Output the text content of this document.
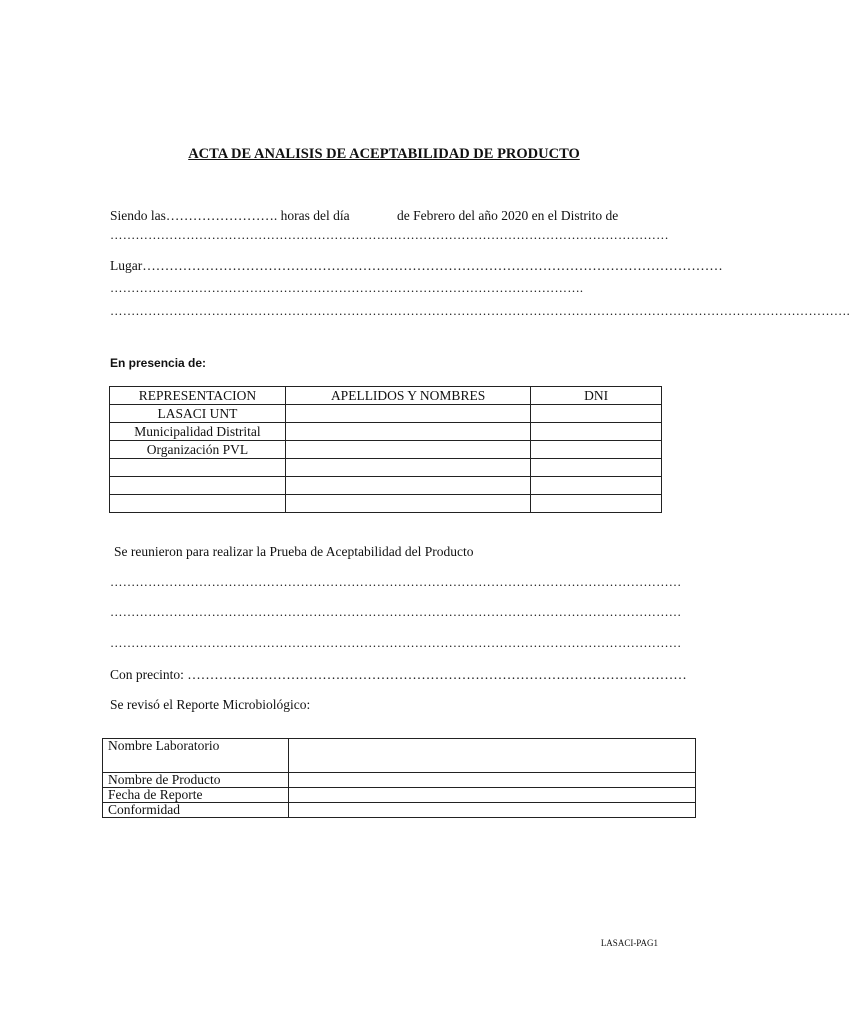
ACTA DE ANALISIS DE ACEPTABILIDAD DE PRODUCTO
Siendo las……………………. horas del día	de Febrero del año 2020 en el Distrito de
……………………………………………………………………………………………………………………
Lugar…………………………………………………………………………………………………………………
………………………………………………………………………………………………….
………………………………………………………………………………………………………………………………………………………….
En presencia de:
REPRESENTACION	APELLIDOS Y NOMBRES	DNI
LASACI UNT		
Municipalidad Distrital		
Organización PVL		

Se reunieron para realizar la Prueba de Aceptabilidad del Producto
………………………………………………………………………………………………………………………
………………………………………………………………………………………………………………………
………………………………………………………………………………………………………………………
Con precinto: …………………………………………………………………………………………………
Se revisó el Reporte Microbiológico:
Nombre Laboratorio	
Nombre de Producto	
Fecha de Reporte	
Conformidad	
LASACI-PAG1
